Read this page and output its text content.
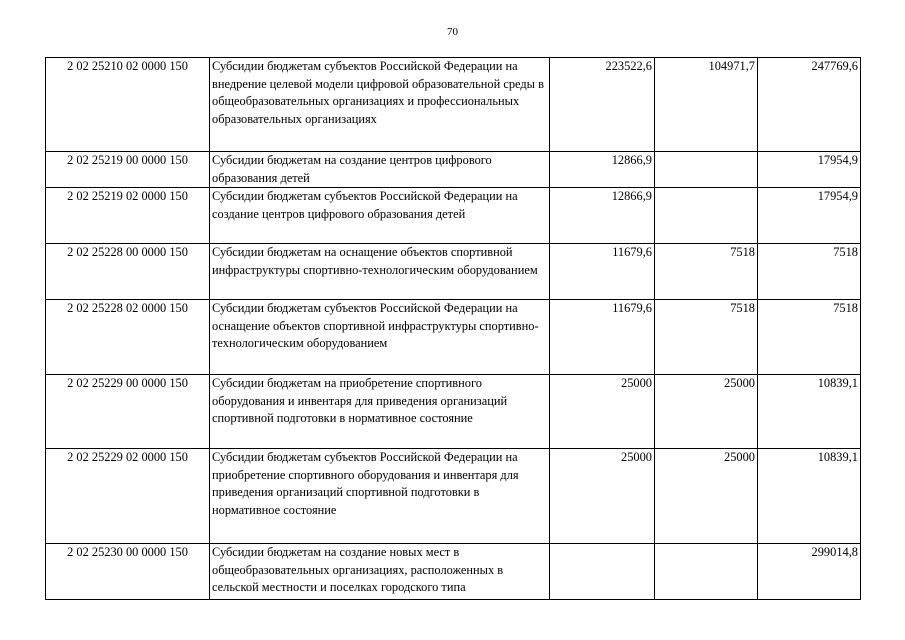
70
2 02 25210 02 0000 150	Субсидии бюджетам субъектов Российской Федерации на внедрение целевой модели цифровой образовательной среды в общеобразовательных организациях и профессиональных образовательных организациях	223522,6	104971,7	247769,6
2 02 25219 00 0000 150	Субсидии бюджетам на создание центров цифрового образования детей	12866,9		17954,9
2 02 25219 02 0000 150	Субсидии бюджетам субъектов Российской Федерации на создание центров цифрового образования детей	12866,9		17954,9
2 02 25228 00 0000 150	Субсидии бюджетам на оснащение объектов спортивной инфраструктуры спортивно-технологическим оборудованием	11679,6	7518	7518
2 02 25228 02 0000 150	Субсидии бюджетам субъектов Российской Федерации на оснащение объектов спортивной инфраструктуры спортивно-технологическим оборудованием	11679,6	7518	7518
2 02 25229 00 0000 150	Субсидии бюджетам на приобретение спортивного оборудования и инвентаря для приведения организаций спортивной подготовки в нормативное состояние	25000	25000	10839,1
2 02 25229 02 0000 150	Субсидии бюджетам субъектов Российской Федерации на приобретение спортивного оборудования и инвентаря для приведения организаций спортивной подготовки в нормативное состояние	25000	25000	10839,1
2 02 25230 00 0000 150	Субсидии бюджетам на создание новых мест в общеобразовательных организациях, расположенных в сельской местности и поселках городского типа			299014,8
